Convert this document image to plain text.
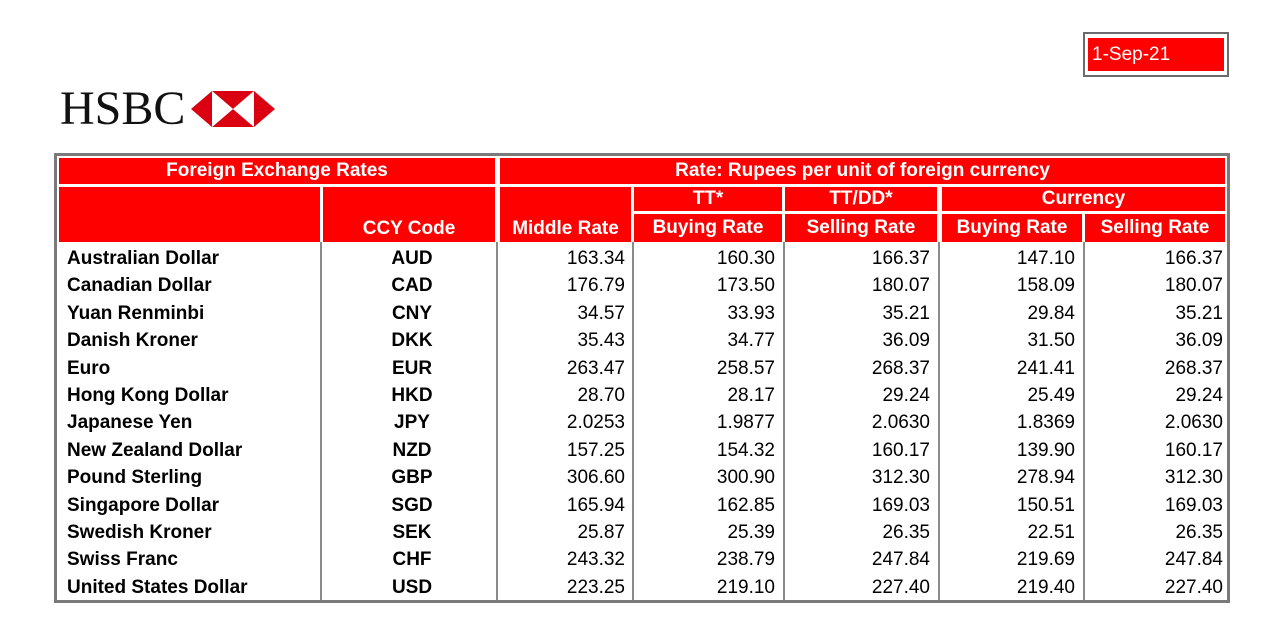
1-Sep-21
HSBC
Foreign Exchange Rates	Rate: Rupees per unit of foreign currency
CCY Code	Middle Rate
TT*	TT/DD*	Currency
Buying Rate	Selling Rate	Buying Rate	Selling Rate
Australian Dollar	AUD	163.34	160.30	166.37	147.10	166.37
Canadian Dollar	CAD	176.79	173.50	180.07	158.09	180.07
Yuan Renminbi	CNY	34.57	33.93	35.21	29.84	35.21
Danish Kroner	DKK	35.43	34.77	36.09	31.50	36.09
Euro	EUR	263.47	258.57	268.37	241.41	268.37
Hong Kong Dollar	HKD	28.70	28.17	29.24	25.49	29.24
Japanese Yen	JPY	2.0253	1.9877	2.0630	1.8369	2.0630
New Zealand Dollar	NZD	157.25	154.32	160.17	139.90	160.17
Pound Sterling	GBP	306.60	300.90	312.30	278.94	312.30
Singapore Dollar	SGD	165.94	162.85	169.03	150.51	169.03
Swedish Kroner	SEK	25.87	25.39	26.35	22.51	26.35
Swiss Franc	CHF	243.32	238.79	247.84	219.69	247.84
United States Dollar	USD	223.25	219.10	227.40	219.40	227.40
